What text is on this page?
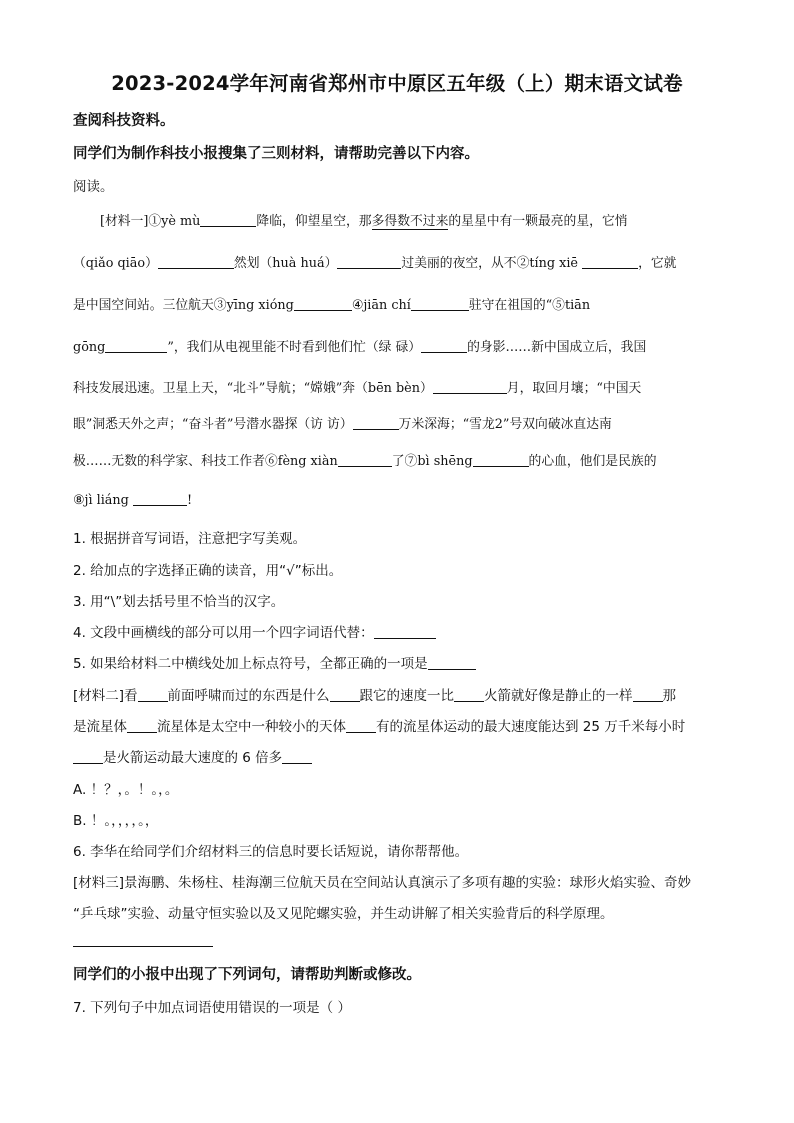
2023-2024学年河南省郑州市中原区五年级（上）期末语文试卷
查阅科技资料。
同学们为制作科技小报搜集了三则材料，请帮助完善以下内容。
阅读。
[材料一]①yè mù	降临，仰望星空，那多得数不过来的星星中有一颗最亮的星，它悄
（qiǎo qiāo）	然划（huà huá）	过美丽的夜空，从不②tíng xiē	，它就
是中国空间站。三位航天③yīng xióng	④jiān chí	驻守在祖国的“⑤tiān
gōng	”，我们从电视里能不时看到他们忙（绿 碌）	的身影……新中国成立后，我国
科技发展迅速。卫星上天，“北斗”导航；“嫦娥”奔（bēn bèn）	月，取回月壤；“中国天
眼”洞悉天外之声；“奋斗者”号潜水器探（访 访）	万米深海；“雪龙2”号双向破冰直达南
极……无数的科学家、科技工作者⑥fèng xiàn	了⑦bì shēng	的心血，他们是民族的
⑧jì liáng	!
1. 根据拼音写词语，注意把字写美观。
2. 给加点的字选择正确的读音，用“√”标出。
3. 用“\”划去括号里不恰当的汉字。
4. 文段中画横线的部分可以用一个四字词语代替：
5. 如果给材料二中横线处加上标点符号，全都正确的一项是
[材料二]看 前面呼啸而过的东西是什么 跟它的速度一比 火箭就好像是静止的一样 那
是流星体 流星体是太空中一种较小的天体 有的流星体运动的最大速度能达到 25 万千米每小时
是火箭运动最大速度的 6 倍多
A. ！？，。！。，。
B. ！。，，，，。，
6. 李华在给同学们介绍材料三的信息时要长话短说，请你帮帮他。
[材料三]景海鹏、朱杨柱、桂海潮三位航天员在空间站认真演示了多项有趣的实验：球形火焰实验、奇妙
“乒乓球”实验、动量守恒实验以及又见陀螺实验，并生动讲解了相关实验背后的科学原理。
同学们的小报中出现了下列词句，请帮助判断或修改。
7. 下列句子中加点词语使用错误的一项是（ ）
